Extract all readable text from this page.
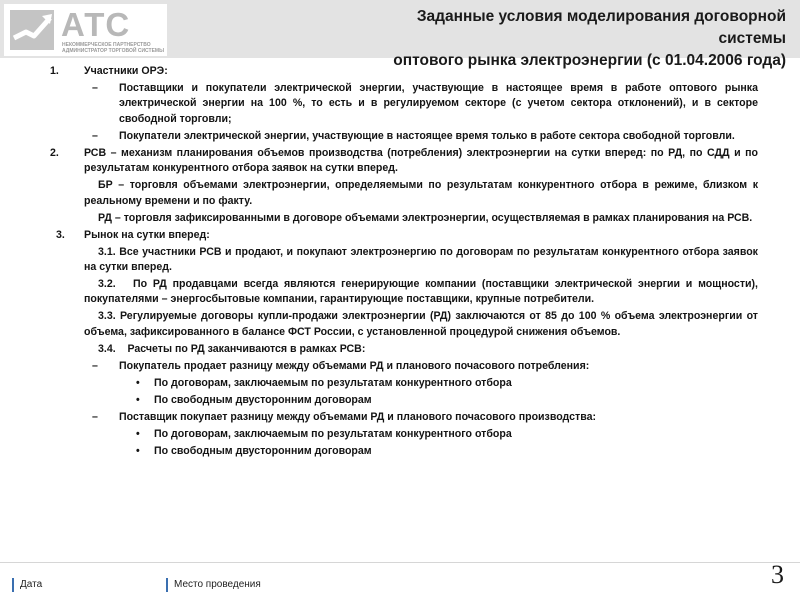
АТС
НЕКОММЕРЧЕСКОЕ ПАРТНЕРСТВО АДМИНИСТРАТОР ТОРГОВОЙ СИСТЕМЫ
Заданные условия моделирования договорной системы
оптового рынка электроэнергии (с 01.04.2006 года)
1. Участники ОРЭ:
– Поставщики и покупатели электрической энергии, участвующие в настоящее время в работе оптового рынка электрической энергии на 100 %, то есть и в регулируемом секторе (с учетом сектора отклонений), и в секторе свободной торговли;
– Покупатели электрической энергии, участвующие в настоящее время только в работе сектора свободной торговли.
2. РСВ – механизм планирования объемов производства (потребления) электроэнергии на сутки вперед: по РД, по СДД и по результатам конкурентного отбора заявок на сутки вперед.
БР – торговля объемами электроэнергии, определяемыми по результатам конкурентного отбора в режиме, близком к реальному времени и по факту.
РД – торговля зафиксированными в договоре объемами электроэнергии, осуществляемая в рамках планирования на РСВ.
3. Рынок на сутки вперед:
3.1. Все участники РСВ и продают, и покупают электроэнергию по договорам по результатам конкурентного отбора заявок на сутки вперед.
3.2.   По РД продавцами всегда являются генерирующие компании (поставщики электрической энергии и мощности), покупателями – энергосбытовые компании, гарантирующие поставщики, крупные потребители.
3.3. Регулируемые договоры купли-продажи электроэнергии (РД) заключаются от 85 до 100 % объема электроэнергии от объема, зафиксированного в балансе ФСТ России, с установленной процедурой снижения объемов.
3.4.    Расчеты по РД заканчиваются в рамках РСВ:
– Покупатель продает разницу между объемами РД и планового почасового потребления:
• По договорам, заключаемым по результатам конкурентного отбора
• По свободным двусторонним договорам
– Поставщик покупает разницу между объемами РД и планового почасового производства:
• По договорам, заключаемым по результатам конкурентного отбора
• По свободным двусторонним договорам
Дата	Место проведения	3
